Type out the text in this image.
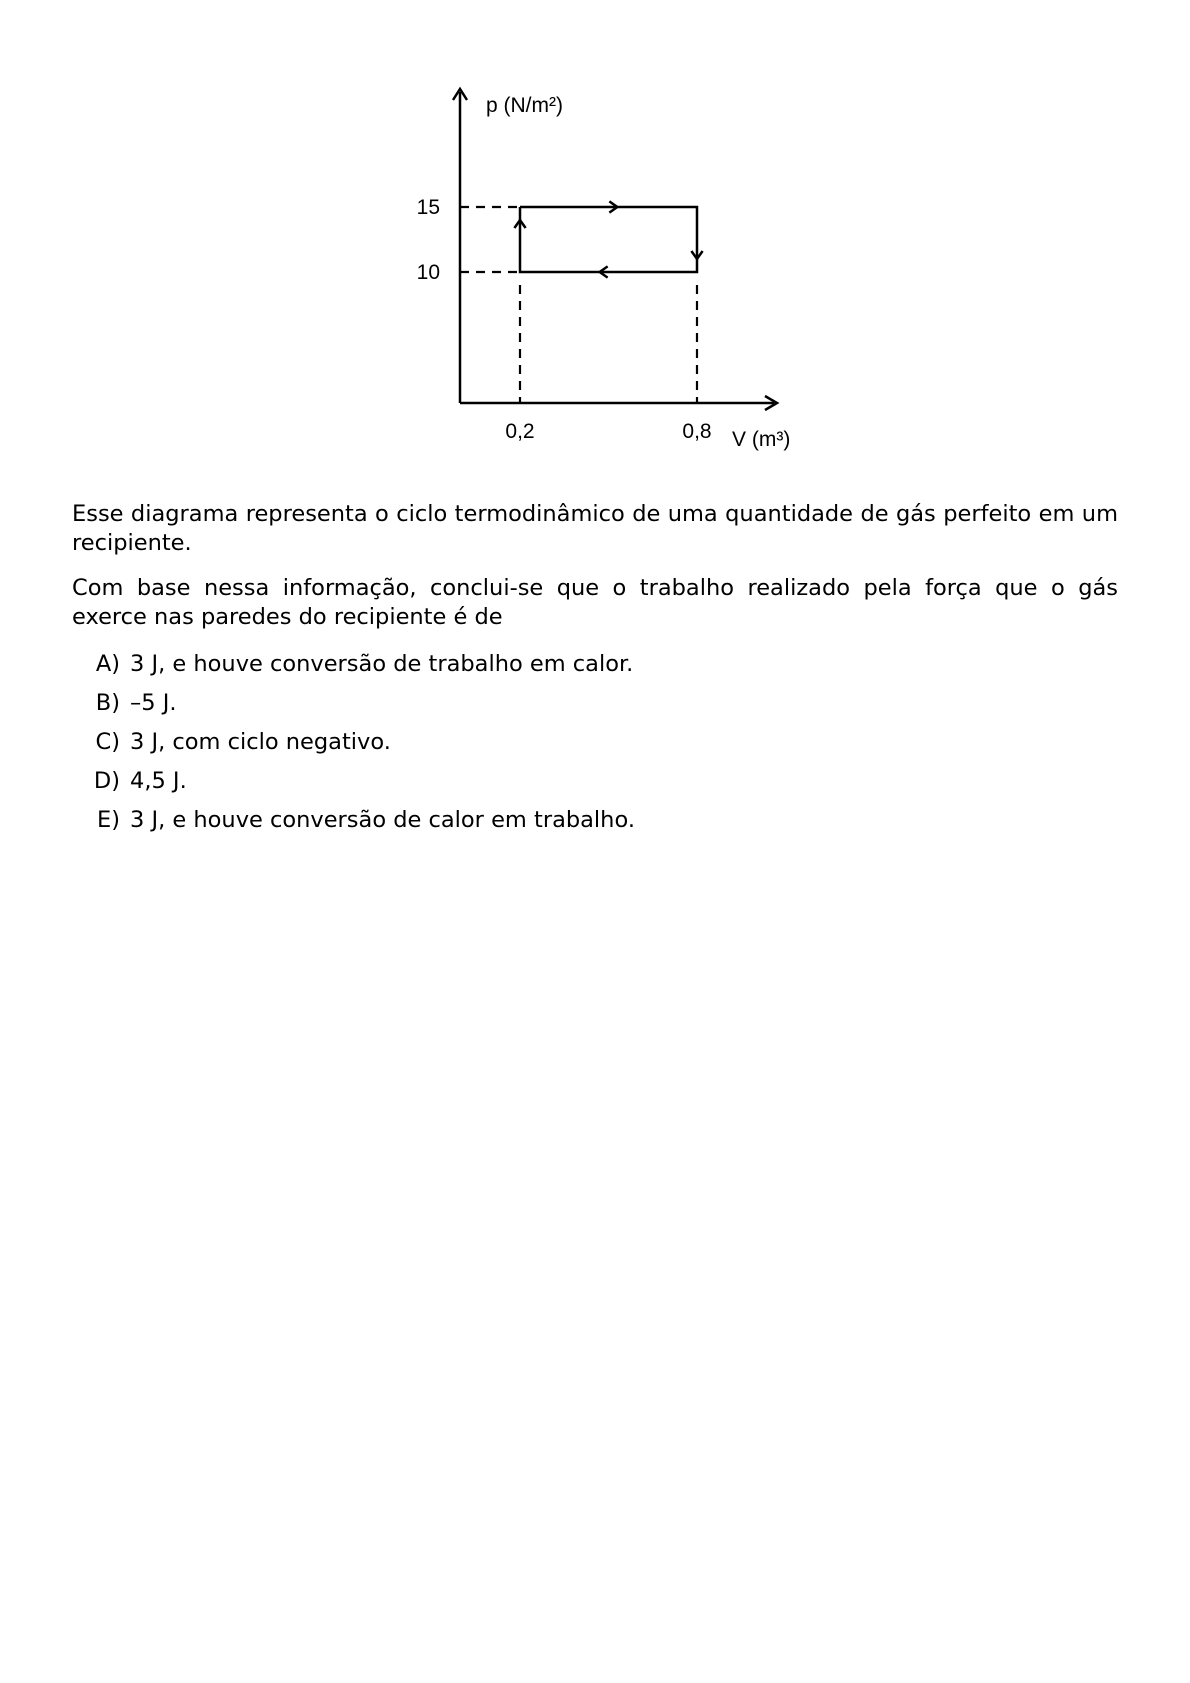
p (N/m²)
V (m³)
15
10
0,2	0,8

Esse diagrama representa o ciclo termodinâmico de uma quantidade de gás perfeito em um recipiente.

Com base nessa informação, conclui-se que o trabalho realizado pela força que o gás exerce nas paredes do recipiente é de

A) 3 J, e houve conversão de trabalho em calor.
B) –5 J.
C) 3 J, com ciclo negativo.
D) 4,5 J.
E) 3 J, e houve conversão de calor em trabalho.
